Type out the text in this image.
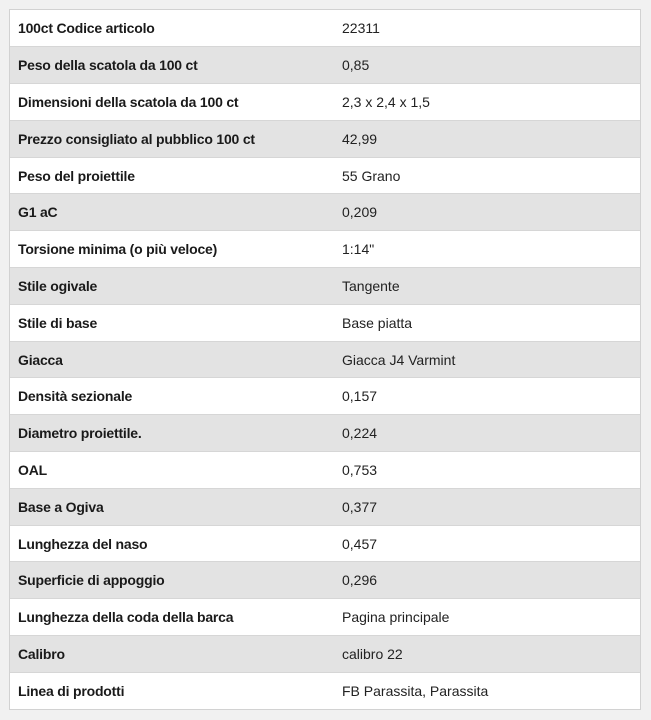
100ct Codice articolo	22311
Peso della scatola da 100 ct	0,85
Dimensioni della scatola da 100 ct	2,3 x 2,4 x 1,5
Prezzo consigliato al pubblico 100 ct	42,99
Peso del proiettile	55 Grano
G1 aC	0,209
Torsione minima (o più veloce)	1:14"
Stile ogivale	Tangente
Stile di base	Base piatta
Giacca	Giacca J4 Varmint
Densità sezionale	0,157
Diametro proiettile.	0,224
OAL	0,753
Base a Ogiva	0,377
Lunghezza del naso	0,457
Superficie di appoggio	0,296
Lunghezza della coda della barca	Pagina principale
Calibro	calibro 22
Linea di prodotti	FB Parassita, Parassita
